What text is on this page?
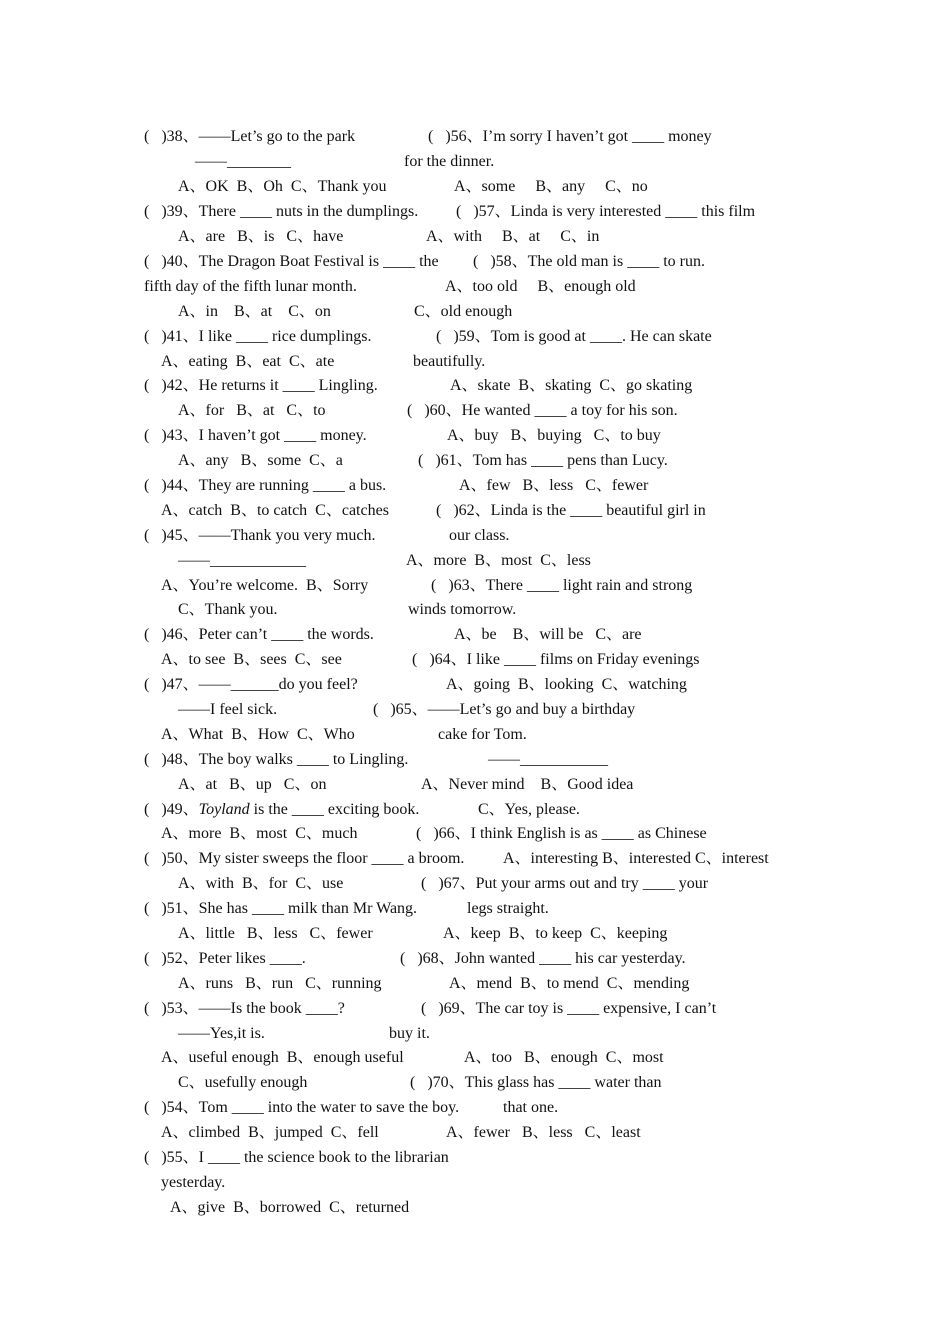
(   )38、——Let’s go to the park
——________
A、OK  B、Oh  C、Thank you
(   )39、There ____ nuts in the dumplings.
A、are   B、is   C、have
(   )40、The Dragon Boat Festival is ____ the
fifth day of the fifth lunar month.
A、in    B、at    C、on
(   )41、I like ____ rice dumplings.
A、eating  B、eat  C、ate
(   )42、He returns it ____ Lingling.
A、for   B、at   C、to
(   )43、I haven’t got ____ money.
A、any   B、some  C、a
(   )44、They are running ____ a bus.
A、catch  B、to catch  C、catches
(   )45、——Thank you very much.
——____________
A、You’re welcome.  B、Sorry
C、Thank you.
(   )46、Peter can’t ____ the words.
A、to see  B、sees  C、see
(   )47、——______do you feel?
——I feel sick.
A、What  B、How  C、Who
(   )48、The boy walks ____ to Lingling.
A、at   B、up   C、on
(   )49、Toyland is the ____ exciting book.
A、more  B、most  C、much
(   )50、My sister sweeps the floor ____ a broom.
A、with  B、for  C、use
(   )51、She has ____ milk than Mr Wang.
A、little   B、less   C、fewer
(   )52、Peter likes ____.
A、runs   B、run   C、running
(   )53、——Is the book ____?
——Yes,it is.
A、useful enough  B、enough useful
C、usefully enough
(   )54、Tom ____ into the water to save the boy.
A、climbed  B、jumped  C、fell
(   )55、I ____ the science book to the librarian
yesterday.
A、give  B、borrowed  C、returned
(   )56、I’m sorry I haven’t got ____ money
for the dinner.
A、some     B、any     C、no
(   )57、Linda is very interested ____ this film
A、with     B、at     C、in
(   )58、The old man is ____ to run.
A、too old     B、enough old
C、old enough
(   )59、Tom is good at ____. He can skate
beautifully.
A、skate  B、skating  C、go skating
(   )60、He wanted ____ a toy for his son.
A、buy   B、buying   C、to buy
(   )61、Tom has ____ pens than Lucy.
A、few   B、less   C、fewer
(   )62、Linda is the ____ beautiful girl in
our class.
A、more  B、most  C、less
(   )63、There ____ light rain and strong
winds tomorrow.
A、be    B、will be   C、are
(   )64、I like ____ films on Friday evenings
A、going  B、looking  C、watching
(   )65、——Let’s go and buy a birthday
cake for Tom.
——___________
A、Never mind    B、Good idea
C、Yes, please.
(   )66、I think English is as ____ as Chinese
A、interesting B、interested C、interest
(   )67、Put your arms out and try ____ your
legs straight.
A、keep  B、to keep  C、keeping
(   )68、John wanted ____ his car yesterday.
A、mend  B、to mend  C、mending
(   )69、The car toy is ____ expensive, I can’t
buy it.
A、too   B、enough  C、most
(   )70、This glass has ____ water than
that one.
A、fewer   B、less   C、least
